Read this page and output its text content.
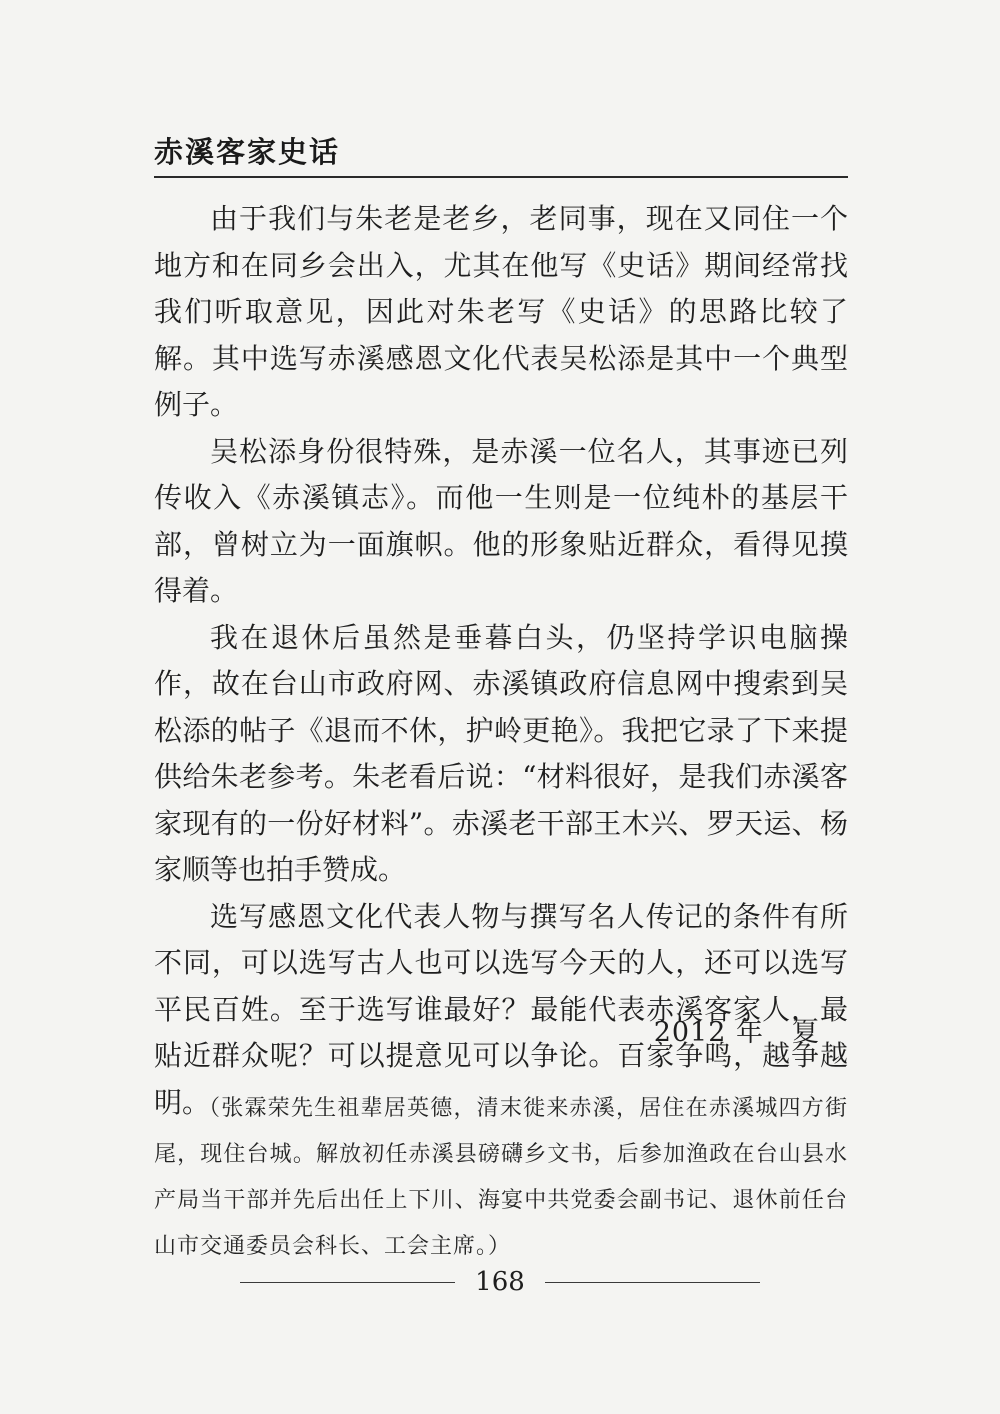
赤溪客家史话

由于我们与朱老是老乡，老同事，现在又同住一个地方和在同乡会出入，尤其在他写《史话》期间经常找我们听取意见，因此对朱老写《史话》的思路比较了解。其中选写赤溪感恩文化代表吴松添是其中一个典型例子。

吴松添身份很特殊，是赤溪一位名人，其事迹已列传收入《赤溪镇志》。而他一生则是一位纯朴的基层干部，曾树立为一面旗帜。他的形象贴近群众，看得见摸得着。

我在退休后虽然是垂暮白头，仍坚持学识电脑操作，故在台山市政府网、赤溪镇政府信息网中搜索到吴松添的帖子《退而不休，护岭更艳》。我把它录了下来提供给朱老参考。朱老看后说：“材料很好，是我们赤溪客家现有的一份好材料”。赤溪老干部王木兴、罗天运、杨家顺等也拍手赞成。

选写感恩文化代表人物与撰写名人传记的条件有所不同，可以选写古人也可以选写今天的人，还可以选写平民百姓。至于选写谁最好？最能代表赤溪客家人，最贴近群众呢？可以提意见可以争论。百家争鸣，越争越明。

2012 年　夏
（张霖荣先生祖辈居英德，清末徙来赤溪，居住在赤溪城四方街尾，现住台城。解放初任赤溪县磅礴乡文书，后参加渔政在台山县水产局当干部并先后出任上下川、海宴中共党委会副书记、退休前任台山市交通委员会科长、工会主席。）
168
